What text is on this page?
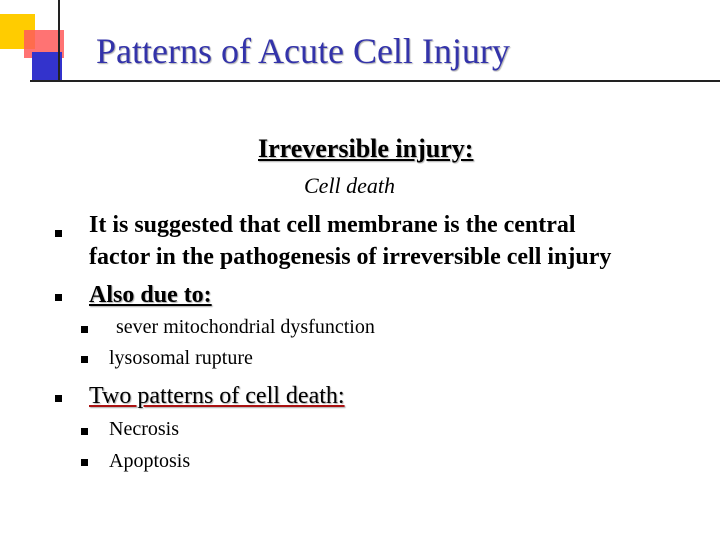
Patterns of Acute Cell Injury
Irreversible injury:
Cell death
It is suggested that cell membrane is the central
factor in the pathogenesis of irreversible cell injury
Also due to:
sever mitochondrial dysfunction
lysosomal rupture
Two patterns of cell death:
Necrosis
Apoptosis
